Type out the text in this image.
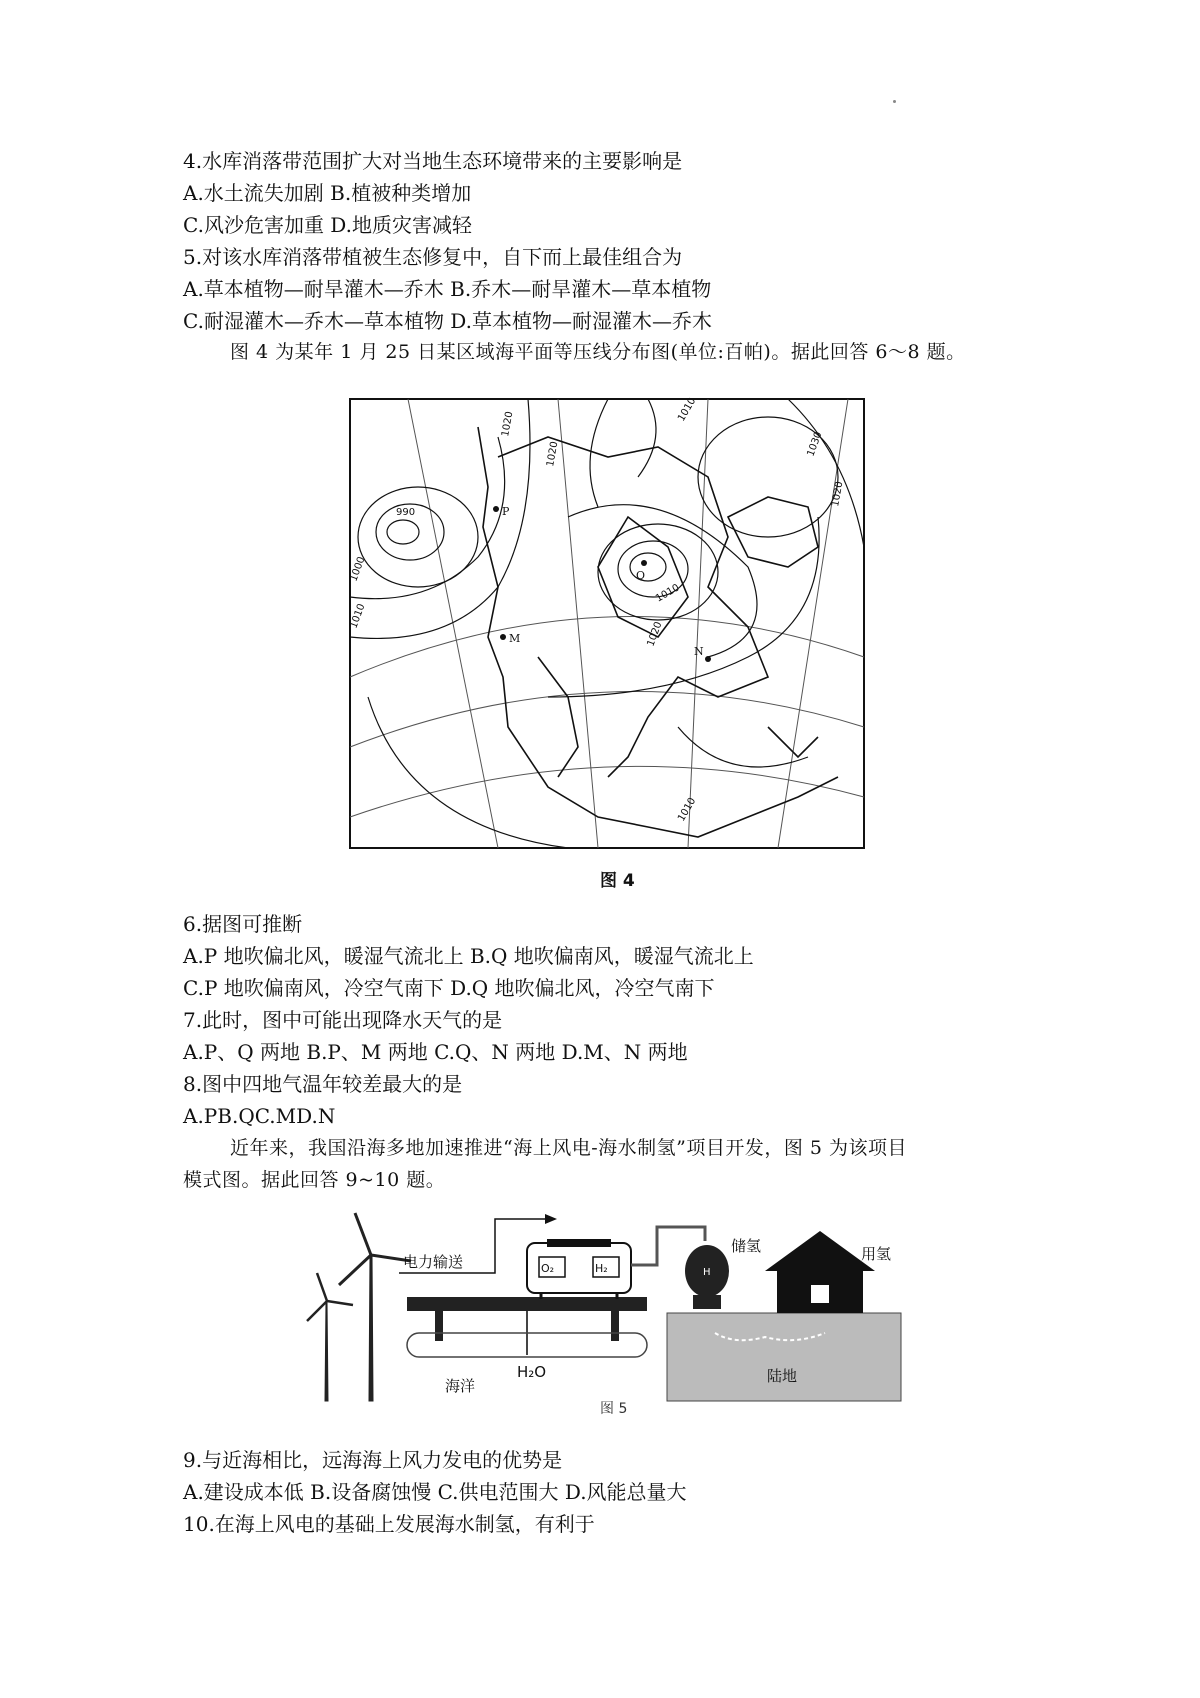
4.水库消落带范围扩大对当地生态环境带来的主要影响是
A.水土流失加剧 B.植被种类增加
C.风沙危害加重 D.地质灾害减轻
5.对该水库消落带植被生态修复中，自下而上最佳组合为
A.草本植物—耐旱灌木—乔木 B.乔木—耐旱灌木—草本植物
C.耐湿灌木—乔木—草本植物 D.草本植物—耐湿灌木—乔木
图 4 为某年 1 月 25 日某区域海平面等压线分布图(单位:百帕)。据此回答 6～8 题。
990
1000
1010
1020
1020	1030
1010
1020
1020
1010
1010
P
Q
M
N
图 4
6.据图可推断
A.P 地吹偏北风，暖湿气流北上 B.Q 地吹偏南风，暖湿气流北上
C.P 地吹偏南风，冷空气南下 D.Q 地吹偏北风，冷空气南下
7.此时，图中可能出现降水天气的是
A.P、Q 两地 B.P、M 两地 C.Q、N 两地 D.M、N 两地
8.图中四地气温年较差最大的是
A.PB.QC.MD.N
近年来，我国沿海多地加速推进“海上风电-海水制氢”项目开发，图 5 为该项目
模式图。据此回答 9~10 题。
电力输送	O₂	H₂
储氢
H
用氢
海洋
H₂O	陆地
图 5
9.与近海相比，远海海上风力发电的优势是
A.建设成本低 B.设备腐蚀慢 C.供电范围大 D.风能总量大
10.在海上风电的基础上发展海水制氢，有利于
